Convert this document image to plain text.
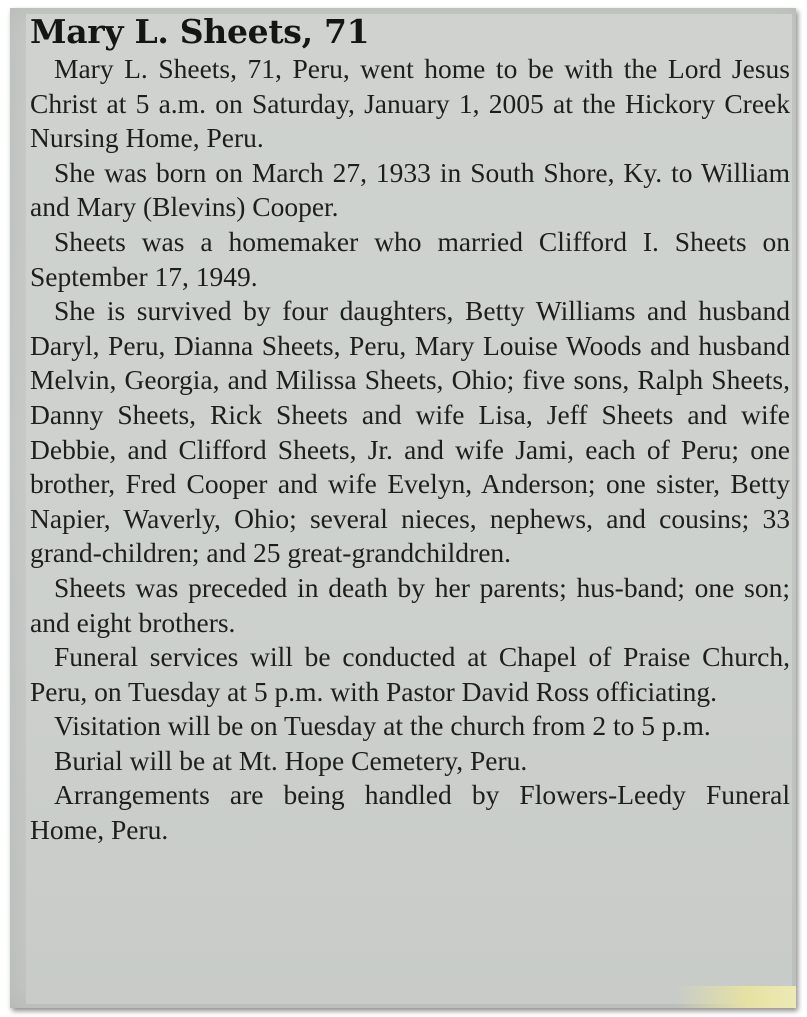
Mary L. Sheets, 71

Mary L. Sheets, 71, Peru, went home to be with the Lord Jesus Christ at 5 a.m. on Saturday, January 1, 2005 at the Hickory Creek Nursing Home, Peru.

She was born on March 27, 1933 in South Shore, Ky. to William and Mary (Blevins) Cooper.

Sheets was a homemaker who married Clifford I. Sheets on September 17, 1949.

She is survived by four daughters, Betty Williams and husband Daryl, Peru, Dianna Sheets, Peru, Mary Louise Woods and husband Melvin, Georgia, and Milissa Sheets, Ohio; five sons, Ralph Sheets, Danny Sheets, Rick Sheets and wife Lisa, Jeff Sheets and wife Debbie, and Clifford Sheets, Jr. and wife Jami, each of Peru; one brother, Fred Cooper and wife Evelyn, Anderson; one sister, Betty Napier, Waverly, Ohio; several nieces, nephews, and cousins; 33 grand-children; and 25 great-grandchildren.

Sheets was preceded in death by her parents; hus-band; one son; and eight brothers.

Funeral services will be conducted at Chapel of Praise Church, Peru, on Tuesday at 5 p.m. with Pastor David Ross officiating.

Visitation will be on Tuesday at the church from 2 to 5 p.m.

Burial will be at Mt. Hope Cemetery, Peru.

Arrangements are being handled by Flowers-Leedy Funeral Home, Peru.
